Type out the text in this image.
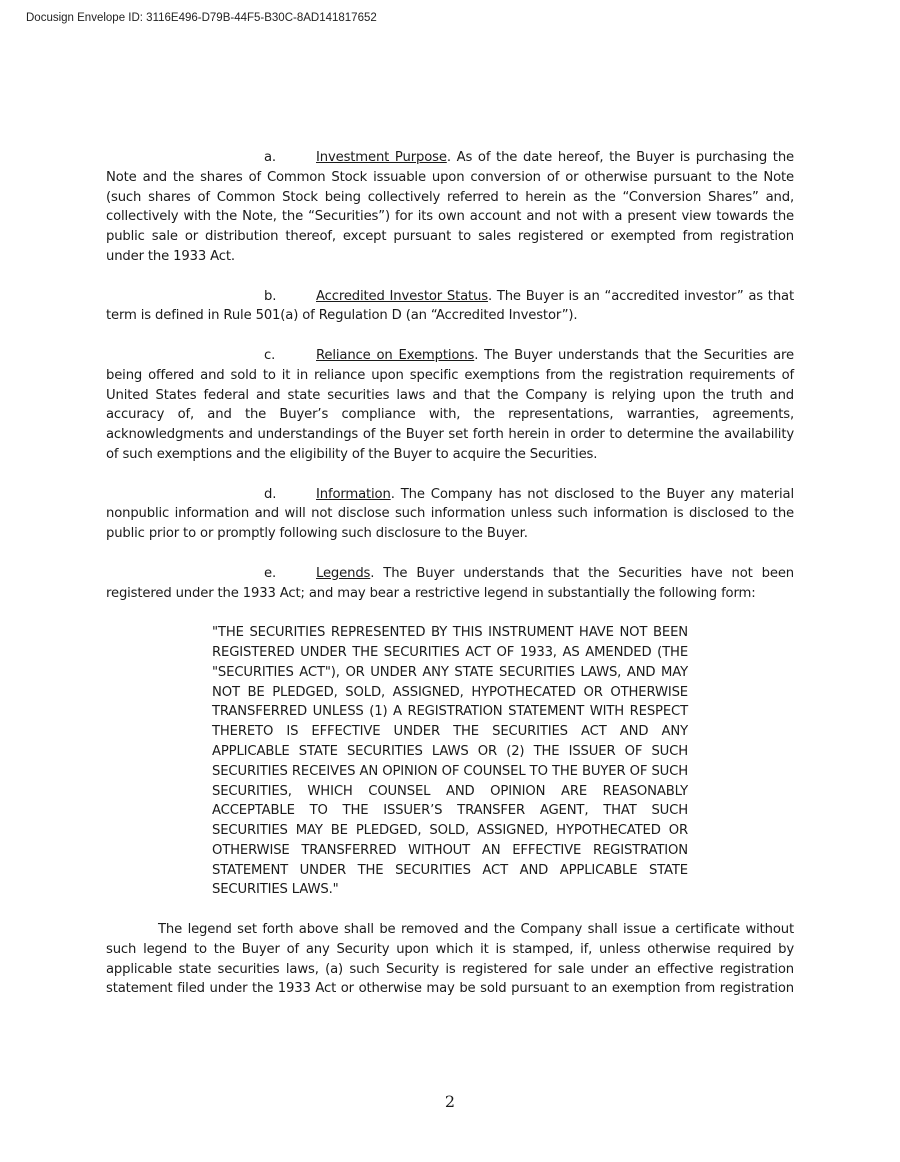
Docusign Envelope ID: 3116E496-D79B-44F5-B30C-8AD141817652
a.	Investment Purpose. As of the date hereof, the Buyer is purchasing the
Note and the shares of Common Stock issuable upon conversion of or otherwise pursuant to the Note (such shares of Common Stock being collectively referred to herein as the “Conversion Shares” and, collectively with the Note, the “Securities”) for its own account and not with a present view towards the public sale or distribution thereof, except pursuant to sales registered or exempted from registration under the 1933 Act.
b.	Accredited Investor Status. The Buyer is an “accredited investor” as that
term is defined in Rule 501(a) of Regulation D (an “Accredited Investor”).
c.	Reliance on Exemptions. The Buyer understands that the Securities are
being offered and sold to it in reliance upon specific exemptions from the registration requirements of United States federal and state securities laws and that the Company is relying upon the truth and accuracy of, and the Buyer’s compliance with, the representations, warranties, agreements, acknowledgments and understandings of the Buyer set forth herein in order to determine the availability of such exemptions and the eligibility of the Buyer to acquire the Securities.
d.	Information. The Company has not disclosed to the Buyer any material
nonpublic information and will not disclose such information unless such information is disclosed to the public prior to or promptly following such disclosure to the Buyer.
e.	Legends. The Buyer understands that the Securities have not been
registered under the 1933 Act; and may bear a restrictive legend in substantially the following form:
"THE SECURITIES REPRESENTED BY THIS INSTRUMENT HAVE NOT BEEN REGISTERED UNDER THE SECURITIES ACT OF 1933, AS AMENDED (THE "SECURITIES ACT"), OR UNDER ANY STATE SECURITIES LAWS, AND MAY NOT BE PLEDGED, SOLD, ASSIGNED, HYPOTHECATED OR OTHERWISE TRANSFERRED UNLESS (1) A REGISTRATION STATEMENT WITH RESPECT THERETO IS EFFECTIVE UNDER THE SECURITIES ACT AND ANY APPLICABLE STATE SECURITIES LAWS OR (2) THE ISSUER OF SUCH SECURITIES RECEIVES AN OPINION OF COUNSEL TO THE BUYER OF SUCH SECURITIES, WHICH COUNSEL AND OPINION ARE REASONABLY ACCEPTABLE TO THE ISSUER’S TRANSFER AGENT, THAT SUCH SECURITIES MAY BE PLEDGED, SOLD, ASSIGNED, HYPOTHECATED OR OTHERWISE TRANSFERRED WITHOUT AN EFFECTIVE REGISTRATION STATEMENT UNDER THE SECURITIES ACT AND APPLICABLE STATE SECURITIES LAWS."

The legend set forth above shall be removed and the Company shall issue a certificate without such legend to the Buyer of any Security upon which it is stamped, if, unless otherwise required by applicable state securities laws, (a) such Security is registered for sale under an effective registration statement filed under the 1933 Act or otherwise may be sold pursuant to an exemption from registration

2
